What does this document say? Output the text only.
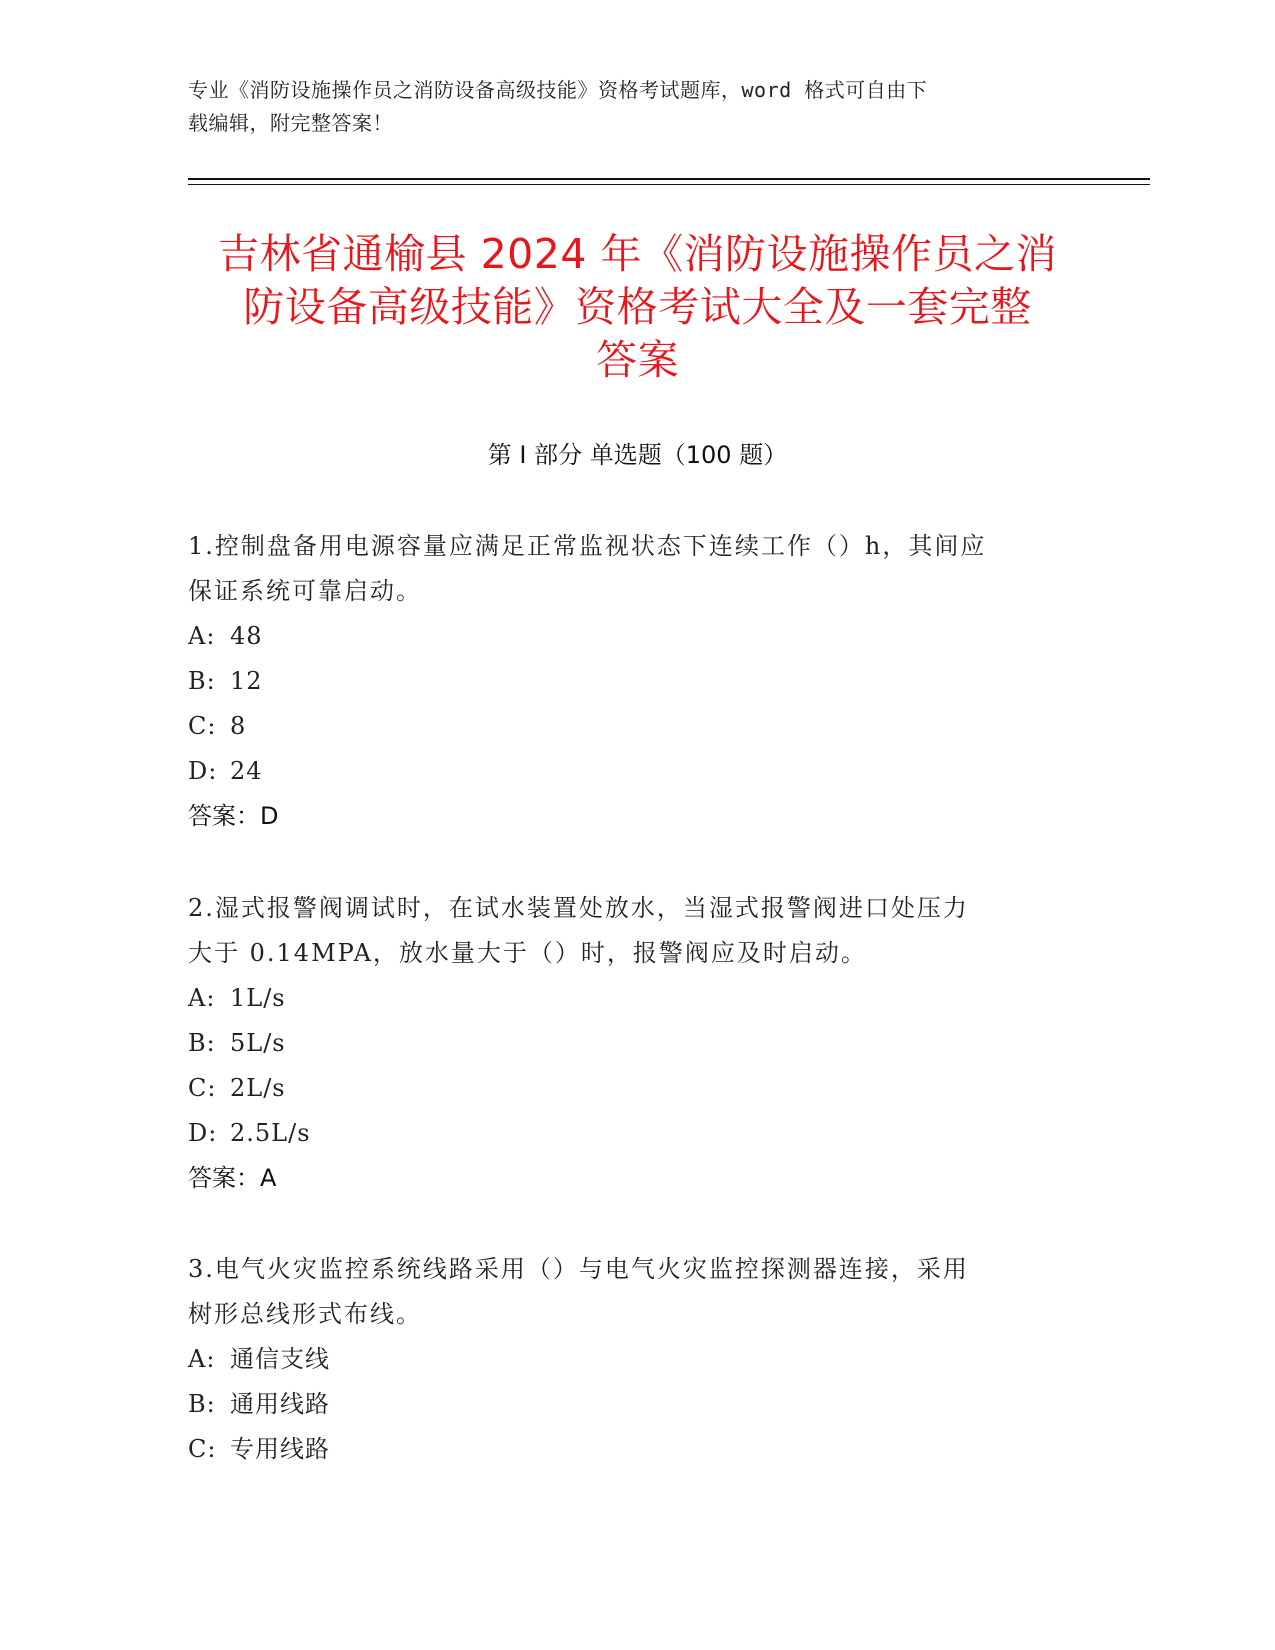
专业《消防设施操作员之消防设备高级技能》资格考试题库，word 格式可自由下
载编辑，附完整答案！
吉林省通榆县 2024 年《消防设施操作员之消
防设备高级技能》资格考试大全及一套完整
答案
第 I 部分 单选题（100 题）
1.控制盘备用电源容量应满足正常监视状态下连续工作（）h，其间应
保证系统可靠启动。
A: 48
B: 12
C: 8
D: 24
答案：D
2.湿式报警阀调试时，在试水装置处放水，当湿式报警阀进口处压力
大于 0.14MPA，放水量大于（）时，报警阀应及时启动。
A: 1L/s
B: 5L/s
C: 2L/s
D: 2.5L/s
答案：A
3.电气火灾监控系统线路采用（）与电气火灾监控探测器连接，采用
树形总线形式布线。
A: 通信支线
B: 通用线路
C: 专用线路
